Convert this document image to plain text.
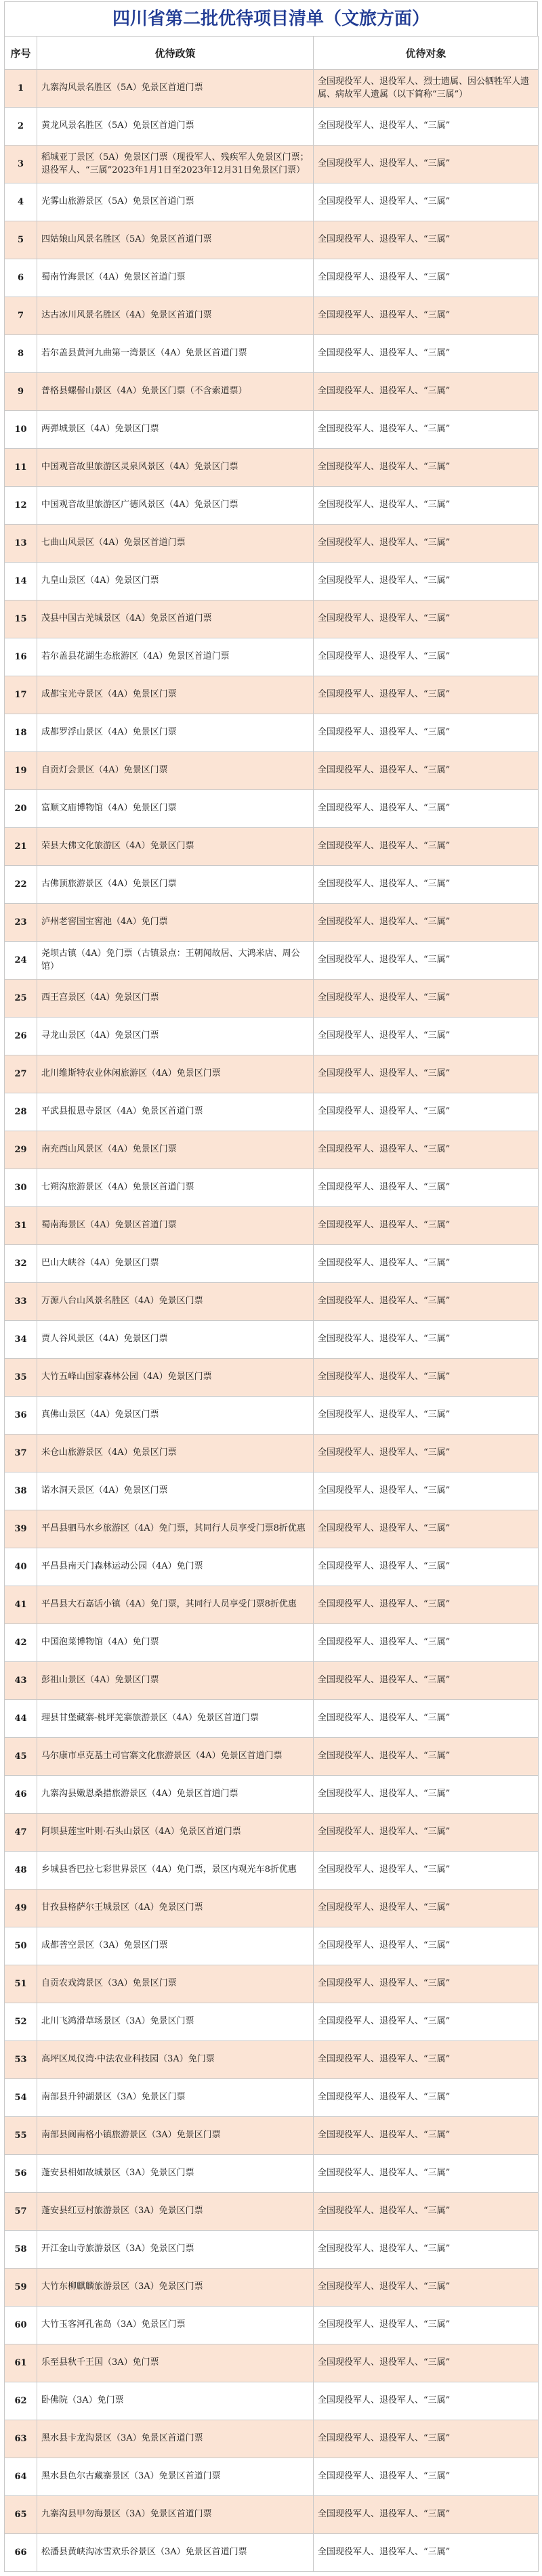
四川省第二批优待项目清单（文旅方面）
序号	优待政策	优待对象
1	九寨沟风景名胜区（5A）免景区首道门票	全国现役军人、退役军人、烈士遗属、因公牺牲军人遗属、病故军人遗属（以下简称“三属”）
2	黄龙风景名胜区（5A）免景区首道门票	全国现役军人、退役军人、“三属”
3	稻城亚丁景区（5A）免景区门票（现役军人、残疾军人免景区门票；退役军人、“三属”2023年1月1日至2023年12月31日免景区门票）	全国现役军人、退役军人、“三属”
4	光雾山旅游景区（5A）免景区首道门票	全国现役军人、退役军人、“三属”
5	四姑娘山风景名胜区（5A）免景区首道门票	全国现役军人、退役军人、“三属”
6	蜀南竹海景区（4A）免景区首道门票	全国现役军人、退役军人、“三属”
7	达古冰川风景名胜区（4A）免景区首道门票	全国现役军人、退役军人、“三属”
8	若尔盖县黄河九曲第一湾景区（4A）免景区首道门票	全国现役军人、退役军人、“三属”
9	普格县螺髻山景区（4A）免景区门票（不含索道票）	全国现役军人、退役军人、“三属”
10	两弹城景区（4A）免景区门票	全国现役军人、退役军人、“三属”
11	中国观音故里旅游区灵泉风景区（4A）免景区门票	全国现役军人、退役军人、“三属”
12	中国观音故里旅游区广德风景区（4A）免景区门票	全国现役军人、退役军人、“三属”
13	七曲山风景区（4A）免景区首道门票	全国现役军人、退役军人、“三属”
14	九皇山景区（4A）免景区门票	全国现役军人、退役军人、“三属”
15	茂县中国古羌城景区（4A）免景区首道门票	全国现役军人、退役军人、“三属”
16	若尔盖县花湖生态旅游区（4A）免景区首道门票	全国现役军人、退役军人、“三属”
17	成都宝光寺景区（4A）免景区门票	全国现役军人、退役军人、“三属”
18	成都罗浮山景区（4A）免景区门票	全国现役军人、退役军人、“三属”
19	自贡灯会景区（4A）免景区门票	全国现役军人、退役军人、“三属”
20	富顺文庙博物馆（4A）免景区门票	全国现役军人、退役军人、“三属”
21	荣县大佛文化旅游区（4A）免景区门票	全国现役军人、退役军人、“三属”
22	古佛顶旅游景区（4A）免景区门票	全国现役军人、退役军人、“三属”
23	泸州老窖国宝窖池（4A）免门票	全国现役军人、退役军人、“三属”
24	尧坝古镇（4A）免门票（古镇景点：王朝闻故居、大鸿米店、周公馆）	全国现役军人、退役军人、“三属”
25	西王宫景区（4A）免景区门票	全国现役军人、退役军人、“三属”
26	寻龙山景区（4A）免景区门票	全国现役军人、退役军人、“三属”
27	北川维斯特农业休闲旅游区（4A）免景区门票	全国现役军人、退役军人、“三属”
28	平武县报恩寺景区（4A）免景区首道门票	全国现役军人、退役军人、“三属”
29	南充西山风景区（4A）免景区门票	全国现役军人、退役军人、“三属”
30	七朔沟旅游景区（4A）免景区首道门票	全国现役军人、退役军人、“三属”
31	蜀南海景区（4A）免景区首道门票	全国现役军人、退役军人、“三属”
32	巴山大峡谷（4A）免景区门票	全国现役军人、退役军人、“三属”
33	万源八台山风景名胜区（4A）免景区门票	全国现役军人、退役军人、“三属”
34	贾人谷风景区（4A）免景区门票	全国现役军人、退役军人、“三属”
35	大竹五峰山国家森林公园（4A）免景区门票	全国现役军人、退役军人、“三属”
36	真佛山景区（4A）免景区门票	全国现役军人、退役军人、“三属”
37	米仓山旅游景区（4A）免景区门票	全国现役军人、退役军人、“三属”
38	诺水洞天景区（4A）免景区门票	全国现役军人、退役军人、“三属”
39	平昌县驷马水乡旅游区（4A）免门票，其同行人员享受门票8折优惠	全国现役军人、退役军人、“三属”
40	平昌县南天门森林运动公园（4A）免门票	全国现役军人、退役军人、“三属”
41	平昌县大石嘉话小镇（4A）免门票，其同行人员享受门票8折优惠	全国现役军人、退役军人、“三属”
42	中国泡菜博物馆（4A）免门票	全国现役军人、退役军人、“三属”
43	彭祖山景区（4A）免景区门票	全国现役军人、退役军人、“三属”
44	理县甘堡藏寨-桃坪羌寨旅游景区（4A）免景区首道门票	全国现役军人、退役军人、“三属”
45	马尔康市卓克基土司官寨文化旅游景区（4A）免景区首道门票	全国现役军人、退役军人、“三属”
46	九寨沟县嫩恩桑措旅游景区（4A）免景区首道门票	全国现役军人、退役军人、“三属”
47	阿坝县莲宝叶则·石头山景区（4A）免景区首道门票	全国现役军人、退役军人、“三属”
48	乡城县香巴拉七彩世界景区（4A）免门票，景区内观光车8折优惠	全国现役军人、退役军人、“三属”
49	甘孜县格萨尔王城景区（4A）免景区门票	全国现役军人、退役军人、“三属”
50	成都菩空景区（3A）免景区门票	全国现役军人、退役军人、“三属”
51	自贡农戏湾景区（3A）免景区门票	全国现役军人、退役军人、“三属”
52	北川飞鸿滑草场景区（3A）免景区门票	全国现役军人、退役军人、“三属”
53	高坪区凤仪湾·中法农业科技园（3A）免门票	全国现役军人、退役军人、“三属”
54	南部县升钟湖景区（3A）免景区门票	全国现役军人、退役军人、“三属”
55	南部县阆南格小镇旅游景区（3A）免景区门票	全国现役军人、退役军人、“三属”
56	蓬安县相如故城景区（3A）免景区门票	全国现役军人、退役军人、“三属”
57	蓬安县红豆村旅游景区（3A）免景区门票	全国现役军人、退役军人、“三属”
58	开江金山寺旅游景区（3A）免景区门票	全国现役军人、退役军人、“三属”
59	大竹东柳麒麟旅游景区（3A）免景区门票	全国现役军人、退役军人、“三属”
60	大竹玉客河孔雀岛（3A）免景区门票	全国现役军人、退役军人、“三属”
61	乐至县秋千王国（3A）免门票	全国现役军人、退役军人、“三属”
62	卧佛院（3A）免门票	全国现役军人、退役军人、“三属”
63	黑水县卡龙沟景区（3A）免景区首道门票	全国现役军人、退役军人、“三属”
64	黑水县色尔古藏寨景区（3A）免景区首道门票	全国现役军人、退役军人、“三属”
65	九寨沟县甲勿海景区（3A）免景区首道门票	全国现役军人、退役军人、“三属”
66	松潘县黄峡沟冰雪欢乐谷景区（3A）免景区首道门票	全国现役军人、退役军人、“三属”
